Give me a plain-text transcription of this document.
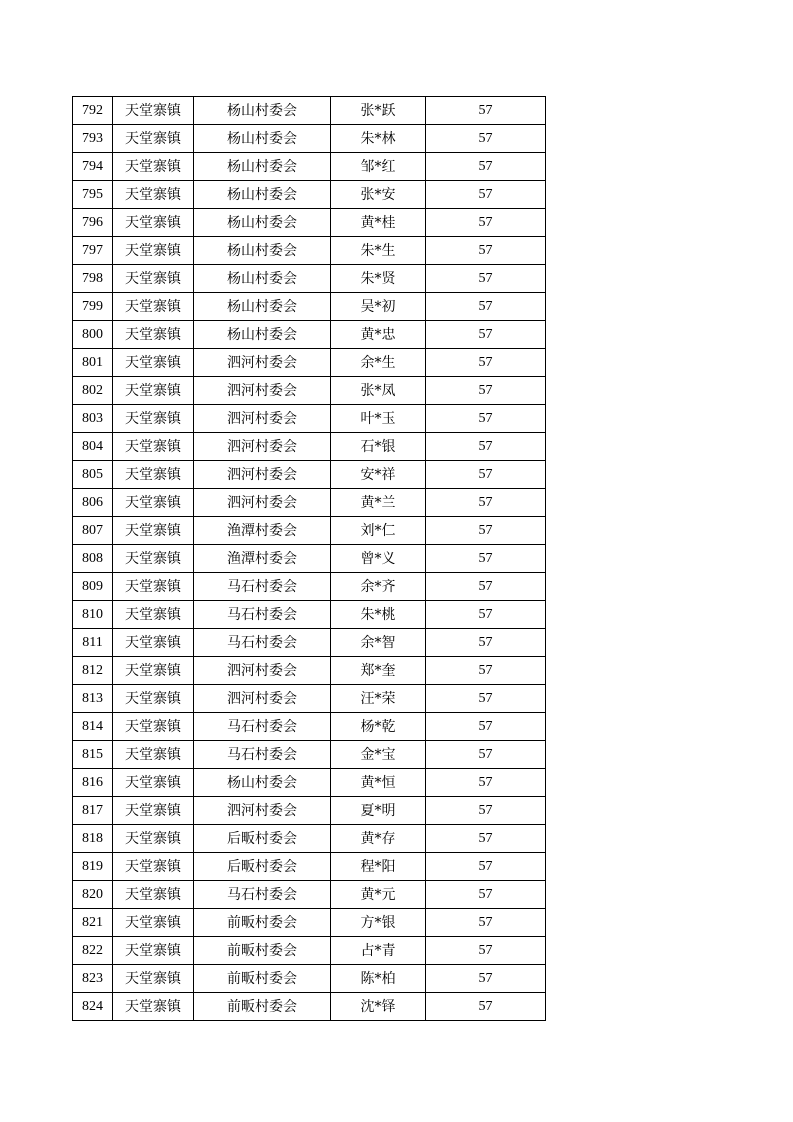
792	天堂寨镇	杨山村委会	张*跃	57
793	天堂寨镇	杨山村委会	朱*林	57
794	天堂寨镇	杨山村委会	邹*红	57
795	天堂寨镇	杨山村委会	张*安	57
796	天堂寨镇	杨山村委会	黄*桂	57
797	天堂寨镇	杨山村委会	朱*生	57
798	天堂寨镇	杨山村委会	朱*贤	57
799	天堂寨镇	杨山村委会	吴*初	57
800	天堂寨镇	杨山村委会	黄*忠	57
801	天堂寨镇	泗河村委会	余*生	57
802	天堂寨镇	泗河村委会	张*凤	57
803	天堂寨镇	泗河村委会	叶*玉	57
804	天堂寨镇	泗河村委会	石*银	57
805	天堂寨镇	泗河村委会	安*祥	57
806	天堂寨镇	泗河村委会	黄*兰	57
807	天堂寨镇	渔潭村委会	刘*仁	57
808	天堂寨镇	渔潭村委会	曾*义	57
809	天堂寨镇	马石村委会	余*齐	57
810	天堂寨镇	马石村委会	朱*桃	57
811	天堂寨镇	马石村委会	余*智	57
812	天堂寨镇	泗河村委会	郑*奎	57
813	天堂寨镇	泗河村委会	汪*荣	57
814	天堂寨镇	马石村委会	杨*乾	57
815	天堂寨镇	马石村委会	金*宝	57
816	天堂寨镇	杨山村委会	黄*恒	57
817	天堂寨镇	泗河村委会	夏*明	57
818	天堂寨镇	后畈村委会	黄*存	57
819	天堂寨镇	后畈村委会	程*阳	57
820	天堂寨镇	马石村委会	黄*元	57
821	天堂寨镇	前畈村委会	方*银	57
822	天堂寨镇	前畈村委会	占*青	57
823	天堂寨镇	前畈村委会	陈*柏	57
824	天堂寨镇	前畈村委会	沈*铎	57
